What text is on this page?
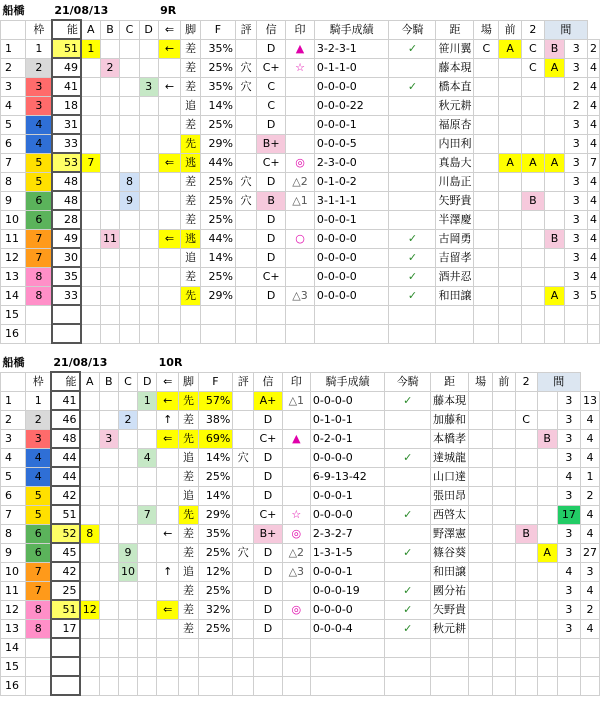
船橋		21/08/13					9R														
	枠	能	A	B	C	D	⇐	脚	F	評	信	印	騎手成績	今騎	距	場	前	2	間		
1	1	51	1				←	差	35%		D	▲	3-2-3-1	✓	笹川翼	C	A	C	B	3	2
2	2	49		2				差	25%	穴	C+	☆	0-1-1-0		藤本現			C	A	3	4
3	3	41				3	←	差	35%	穴	C		0-0-0-0	✓	橋本直					2	4
4	3	18						追	14%		C		0-0-0-22		秋元耕					2	4
5	4	31						差	25%		D		0-0-0-1		福原杏					3	4
6	4	33						先	29%		B+		0-0-0-5		内田利					3	4
7	5	53	7				⇐	逃	44%		C+	◎	2-3-0-0		真島大		A	A	A	3	7
8	5	48			8			差	25%	穴	D	△2	0-1-0-2		川島正					3	4
9	6	48			9			差	25%	穴	B	△1	3-1-1-1		矢野貴			B		3	4
10	6	28						差	25%		D		0-0-0-1		半澤慶					3	4
11	7	49		11			⇐	逃	44%		D	○	0-0-0-0	✓	古岡勇				B	3	4
12	7	30						追	14%		D		0-0-0-0	✓	吉留孝					3	4
13	8	35						差	25%		C+		0-0-0-0	✓	酒井忍					3	4
14	8	33						先	29%		D	△3	0-0-0-0	✓	和田譲				A	3	5
15																					
16																					
船橋		21/08/13					10R														
	枠	能	A	B	C	D	⇐	脚	F	評	信	印	騎手成績	今騎	距	場	前	2	間		
1	1	41				1	←	先	57%		A+	△1	0-0-0-0	✓	藤本現					3	13
2	2	46			2		↑	差	38%		D		0-1-0-1		加藤和			C		3	4
3	3	48		3			⇐	先	69%		C+	▲	0-2-0-1		本橋孝				B	3	4
4	4	44				4		追	14%	穴	D		0-0-0-0	✓	達城龍					3	4
5	4	44						差	25%		D		6-9-13-42		山口達					4	1
6	5	42						追	14%		D		0-0-0-1		張田昂					3	2
7	5	51				7		先	29%		C+	☆	0-0-0-0	✓	西啓太					17	4
8	6	52	8				←	差	35%		B+	◎	2-3-2-7		野澤憲			B		3	4
9	6	45			9			差	25%	穴	D	△2	1-3-1-5	✓	篠谷葵				A	3	27
10	7	42			10		↑	追	12%		D	△3	0-0-0-1		和田譲					4	3
11	7	25						差	25%		D		0-0-0-19	✓	國分祐					3	4
12	8	51	12				⇐	差	32%		D	◎	0-0-0-0	✓	矢野貴					3	2
13	8	17						差	25%		D		0-0-0-4	✓	秋元耕					3	4
14																					
15																					
16																					
